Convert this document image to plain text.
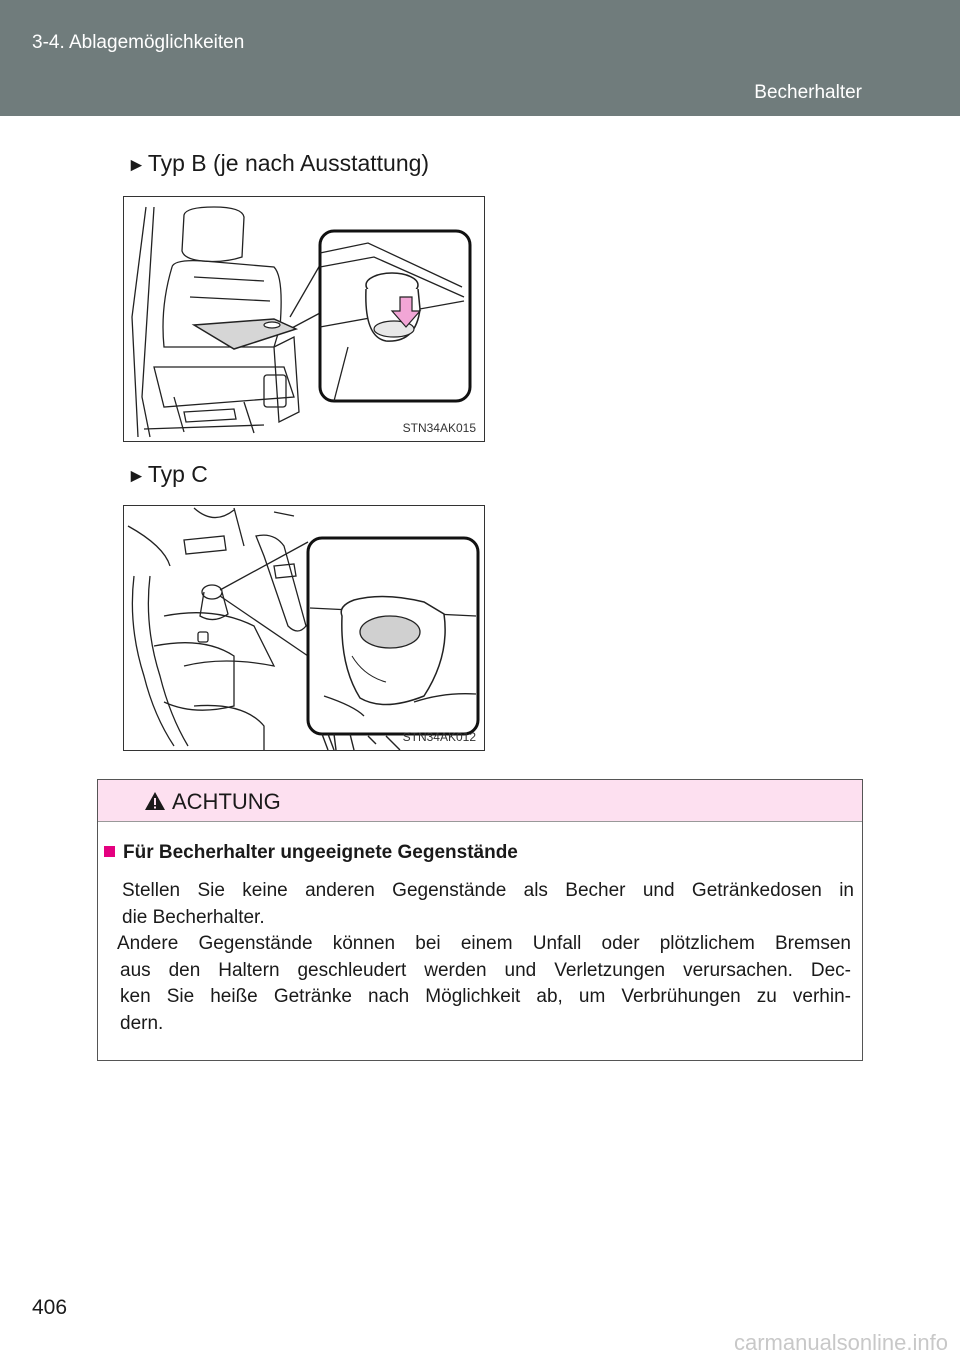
3-4. Ablagemöglichkeiten
Becherhalter
►Typ B (je nach Ausstattung)
STN34AK015
►Typ C
STN34AK012
ACHTUNG
Für Becherhalter ungeeignete Gegenstände
Stellen Sie keine anderen Gegenstände als Becher und Getränkedosen in
die Becherhalter.
Andere Gegenstände können bei einem Unfall oder plötzlichem Bremsen
aus den Haltern geschleudert werden und Verletzungen verursachen. Dec-
ken Sie heiße Getränke nach Möglichkeit ab, um Verbrühungen zu verhin-
dern.
406
carmanualsonline.info
